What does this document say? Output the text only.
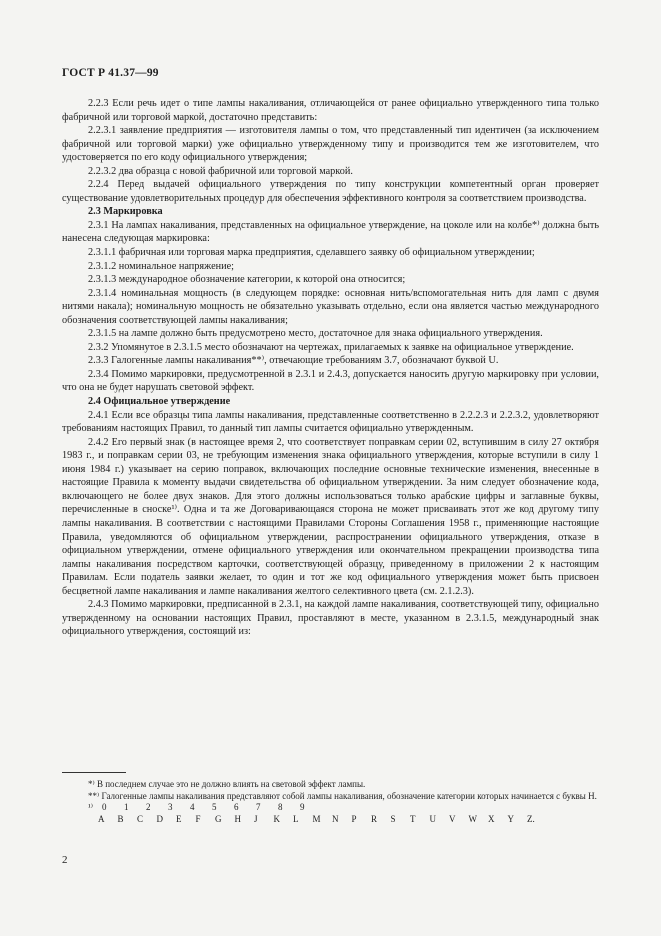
ГОСТ Р 41.37—99

2.2.3 Если речь идет о типе лампы накаливания, отличающейся от ранее официально утвержденного типа только фабричной или торговой маркой, достаточно представить:

2.2.3.1 заявление предприятия — изготовителя лампы о том, что представленный тип идентичен (за исключением фабричной или торговой марки) уже официально утвержденному типу и производится тем же изготовителем, что удостоверяется по его коду официального утверждения;

2.2.3.2 два образца с новой фабричной или торговой маркой.

2.2.4 Перед выдачей официального утверждения по типу конструкции компетентный орган проверяет существование удовлетворительных процедур для обеспечения эффективного контроля за соответствием производства.

2.3 Маркировка

2.3.1 На лампах накаливания, представленных на официальное утверждение, на цоколе или на колбе*⁾ должна быть нанесена следующая маркировка:

2.3.1.1 фабричная или торговая марка предприятия, сделавшего заявку об официальном утверждении;

2.3.1.2 номинальное напряжение;

2.3.1.3 международное обозначение категории, к которой она относится;

2.3.1.4 номинальная мощность (в следующем порядке: основная нить/вспомогательная нить для ламп с двумя нитями накала); номинальную мощность не обязательно указывать отдельно, если она является частью международного обозначения соответствующей лампы накаливания;

2.3.1.5 на лампе должно быть предусмотрено место, достаточное для знака официального утверждения.

2.3.2 Упомянутое в 2.3.1.5 место обозначают на чертежах, прилагаемых к заявке на официальное утверждение.

2.3.3 Галогенные лампы накаливания**⁾, отвечающие требованиям 3.7, обозначают буквой U.

2.3.4 Помимо маркировки, предусмотренной в 2.3.1 и 2.4.3, допускается наносить другую маркировку при условии, что она не будет нарушать световой эффект.

2.4 Официальное утверждение

2.4.1 Если все образцы типа лампы накаливания, представленные соответственно в 2.2.2.3 и 2.2.3.2, удовлетворяют требованиям настоящих Правил, то данный тип лампы считается официально утвержденным.

2.4.2 Его первый знак (в настоящее время 2, что соответствует поправкам серии 02, вступившим в силу 27 октября 1983 г., и поправкам серии 03, не требующим изменения знака официального утверждения, которые вступили в силу 1 июня 1984 г.) указывает на серию поправок, включающих последние основные технические изменения, внесенные в настоящие Правила к моменту выдачи свидетельства об официальном утверждении. За ним следует обозначение кода, включающего не более двух знаков. Для этого должны использоваться только арабские цифры и заглавные буквы, перечисленные в сноске¹⁾. Одна и та же Договаривающаяся сторона не может присваивать этот же код другому типу лампы накаливания. В соответствии с настоящими Правилами Стороны Соглашения 1958 г., применяющие настоящие Правила, уведомляются об официальном утверждении, распространении официального утверждения, отказе в официальном утверждении, отмене официального утверждения или окончательном прекращении производства типа лампы накаливания посредством карточки, соответствующей образцу, приведенному в приложении 2 к настоящим Правилам. Если податель заявки желает, то один и тот же код официального утверждения может быть присвоен бесцветной лампе накаливания и лампе накаливания желтого селективного цвета (см. 2.1.2.3).

2.4.3 Помимо маркировки, предписанной в 2.3.1, на каждой лампе накаливания, соответствующей типу, официально утвержденному на основании настоящих Правил, проставляют в месте, указанном в 2.3.1.5, международный знак официального утверждения, состоящий из:

*⁾ В последнем случае это не должно влиять на световой эффект лампы.

**⁾ Галогенные лампы накаливания представляют собой лампы накаливания, обозначение категории которых начинается с буквы Н.

¹⁾	0	1	2	3	4	5	6	7	8	9
A	B	C	D	E	F	G	H	J	K	L	M	N	P	R	S	T	U	V	W	X	Y	Z.
2
